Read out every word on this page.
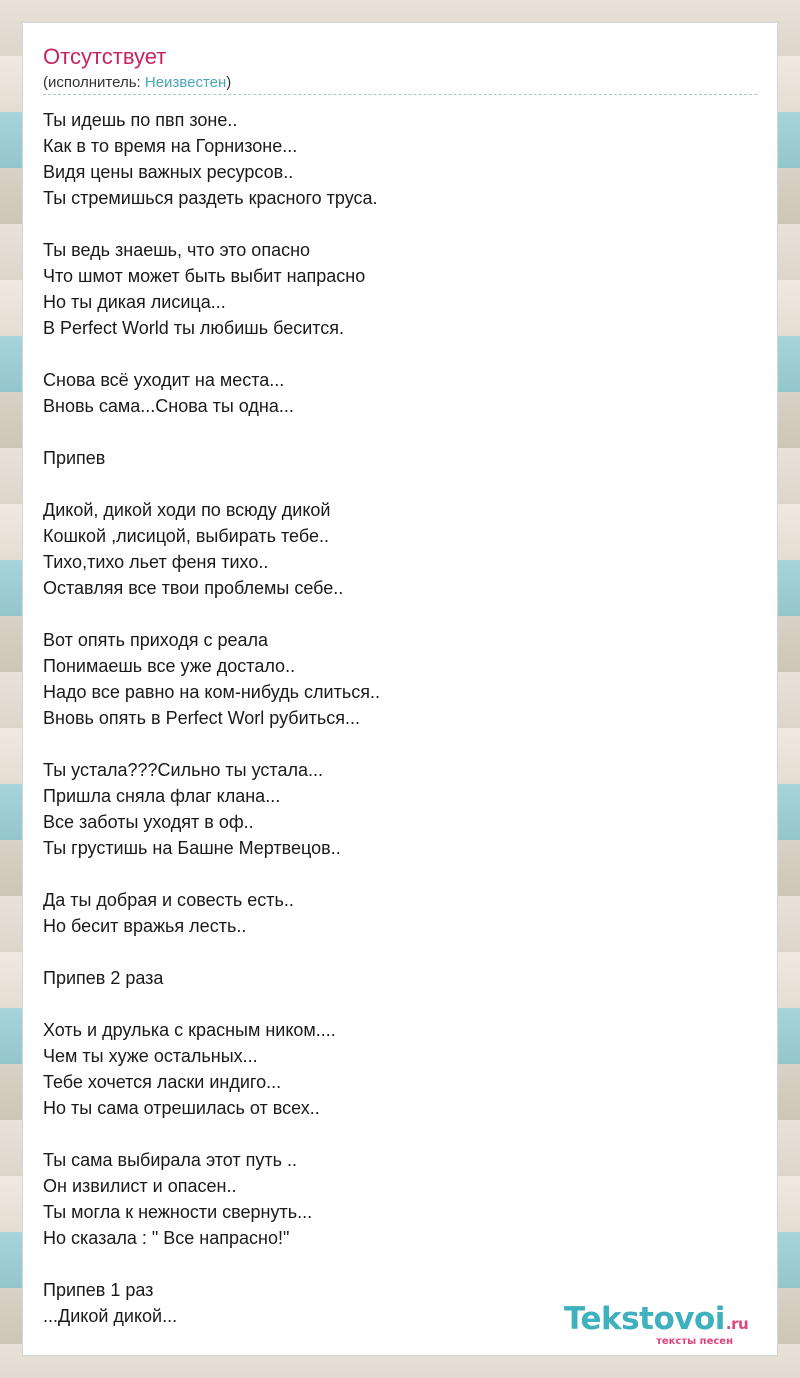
Отсутствует
(исполнитель: Неизвестен)
Ты идешь по пвп зоне..
Как в то время на Горнизоне...
Видя цены важных ресурсов..
Ты стремишься раздеть красного труса.
Ты ведь знаешь, что это опасно
Что шмот может быть выбит напрасно
Но ты дикая лисица...
В Perfect World ты любишь бесится.
Снова всё уходит на места...
Вновь сама...Снова ты одна...
Припев
Дикой, дикой ходи по всюду дикой
Кошкой ,лисицой, выбирать тебе..
Тихо,тихо льет феня тихо..
Оставляя все твои проблемы себе..
Вот опять приходя с реала
Понимаешь все уже достало..
Надо все равно на ком-нибудь слиться..
Вновь опять в Perfect Worl рубиться...
Ты устала???Сильно ты устала...
Пришла сняла флаг клана...
Все заботы уходят в оф..
Ты грустишь на Башне Мертвецов..
Да ты добрая и совесть есть..
Но бесит вражья лесть..
Припев 2 раза
Хоть и друлька с красным ником....
Чем ты хуже остальных...
Тебе хочется ласки индиго...
Но ты сама отрешилась от всех..
Ты сама выбирала этот путь ..
Он извилист и опасен..
Ты могла к нежности свернуть...
Но сказала : " Все напрасно!"
Припев 1 раз
...Дикой дикой...	Tekstovoi.ru
тексты песен
